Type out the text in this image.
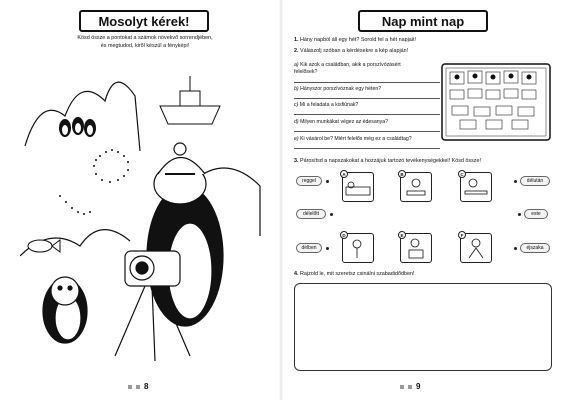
Mosolyt kérek!
Kösd össze a pontokat a számok növekvő sorrendjében,
és megtudod, kiről készül a fényképi!
8
Nap mint nap
1. Hány napból áll egy hét? Sorold fel a hét napjait!
2. Válaszolj szóban a kérdésekre a kép alapján!
a) Kik azok a családban, akik a porszívózásért
felelősek?
b) Hányszor porszívóznak egy héten?
c) Mi a feladata a kisfiúnak?
d) Milyen munkákat végez az édesanya?
e) Ki vásárol be? Miért felelős még ez a családtag?
3. Párosítsd a napszakokat a hozzájuk tartozó tevékenységekkel! Kösd össze!
reggel	délután
délelőtt	este
délben	éjszaka
A	B	C
D	E	F
4. Rajzold le, mit szeretsz csinálni szabadidődben!
9
